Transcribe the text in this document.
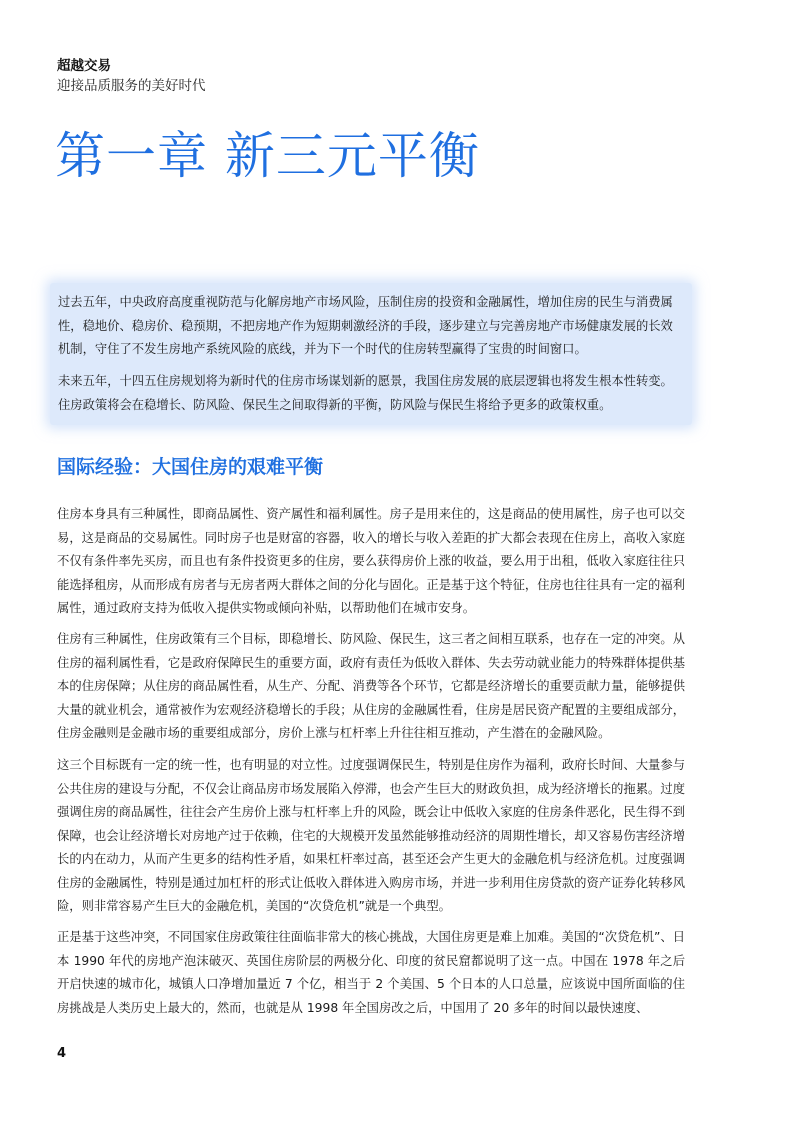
超越交易
迎接品质服务的美好时代
第一章 新三元平衡

过去五年，中央政府高度重视防范与化解房地产市场风险，压制住房的投资和金融属性，增加住房的民生与消费属性，稳地价、稳房价、稳预期，不把房地产作为短期刺激经济的手段，逐步建立与完善房地产市场健康发展的长效机制，守住了不发生房地产系统风险的底线，并为下一个时代的住房转型赢得了宝贵的时间窗口。

未来五年，十四五住房规划将为新时代的住房市场谋划新的愿景，我国住房发展的底层逻辑也将发生根本性转变。住房政策将会在稳增长、防风险、保民生之间取得新的平衡，防风险与保民生将给予更多的政策权重。

国际经验：大国住房的艰难平衡

住房本身具有三种属性，即商品属性、资产属性和福利属性。房子是用来住的，这是商品的使用属性，房子也可以交易，这是商品的交易属性。同时房子也是财富的容器，收入的增长与收入差距的扩大都会表现在住房上，高收入家庭不仅有条件率先买房，而且也有条件投资更多的住房，要么获得房价上涨的收益，要么用于出租，低收入家庭往往只能选择租房，从而形成有房者与无房者两大群体之间的分化与固化。正是基于这个特征，住房也往往具有一定的福利属性，通过政府支持为低收入提供实物或倾向补贴，以帮助他们在城市安身。

住房有三种属性，住房政策有三个目标，即稳增长、防风险、保民生，这三者之间相互联系，也存在一定的冲突。从住房的福利属性看，它是政府保障民生的重要方面，政府有责任为低收入群体、失去劳动就业能力的特殊群体提供基本的住房保障；从住房的商品属性看，从生产、分配、消费等各个环节，它都是经济增长的重要贡献力量，能够提供大量的就业机会，通常被作为宏观经济稳增长的手段；从住房的金融属性看，住房是居民资产配置的主要组成部分，住房金融则是金融市场的重要组成部分，房价上涨与杠杆率上升往往相互推动，产生潜在的金融风险。

这三个目标既有一定的统一性，也有明显的对立性。过度强调保民生，特别是住房作为福利，政府长时间、大量参与公共住房的建设与分配，不仅会让商品房市场发展陷入停滞，也会产生巨大的财政负担，成为经济增长的拖累。过度强调住房的商品属性，往往会产生房价上涨与杠杆率上升的风险，既会让中低收入家庭的住房条件恶化，民生得不到保障，也会让经济增长对房地产过于依赖，住宅的大规模开发虽然能够推动经济的周期性增长，却又容易伤害经济增长的内在动力，从而产生更多的结构性矛盾，如果杠杆率过高，甚至还会产生更大的金融危机与经济危机。过度强调住房的金融属性，特别是通过加杠杆的形式让低收入群体进入购房市场，并进一步利用住房贷款的资产证券化转移风险，则非常容易产生巨大的金融危机，美国的“次贷危机”就是一个典型。

正是基于这些冲突，不同国家住房政策往往面临非常大的核心挑战，大国住房更是难上加难。美国的“次贷危机”、日本 1990 年代的房地产泡沫破灭、英国住房阶层的两极分化、印度的贫民窟都说明了这一点。中国在 1978 年之后开启快速的城市化，城镇人口净增加量近 7 个亿，相当于 2 个美国、5 个日本的人口总量，应该说中国所面临的住房挑战是人类历史上最大的，然而，也就是从 1998 年全国房改之后，中国用了 20 多年的时间以最快速度、

4
